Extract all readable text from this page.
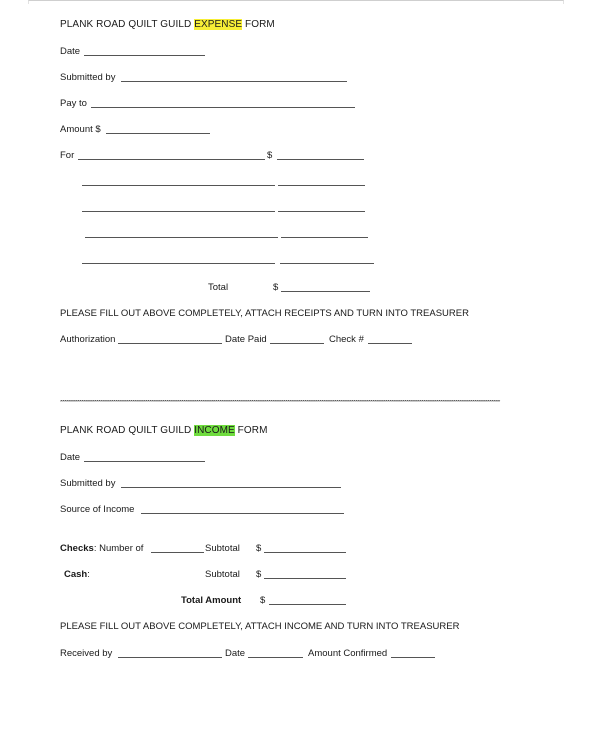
PLANK ROAD QUILT GUILD EXPENSE FORM
Date
Submitted by
Pay to
Amount $
For	$
Total	$
PLEASE FILL OUT ABOVE COMPLETELY, ATTACH RECEIPTS AND TURN INTO TREASURER
Authorization	Date Paid	Check #
***************************************************************************************************************************************************************************************************************
PLANK ROAD QUILT GUILD INCOME FORM
Date
Submitted by
Source of Income
Checks: Number of	Subtotal $
Cash:	Subtotal $
Total Amount $
PLEASE FILL OUT ABOVE COMPLETELY, ATTACH INCOME AND TURN INTO TREASURER
Received by	Date	Amount Confirmed
